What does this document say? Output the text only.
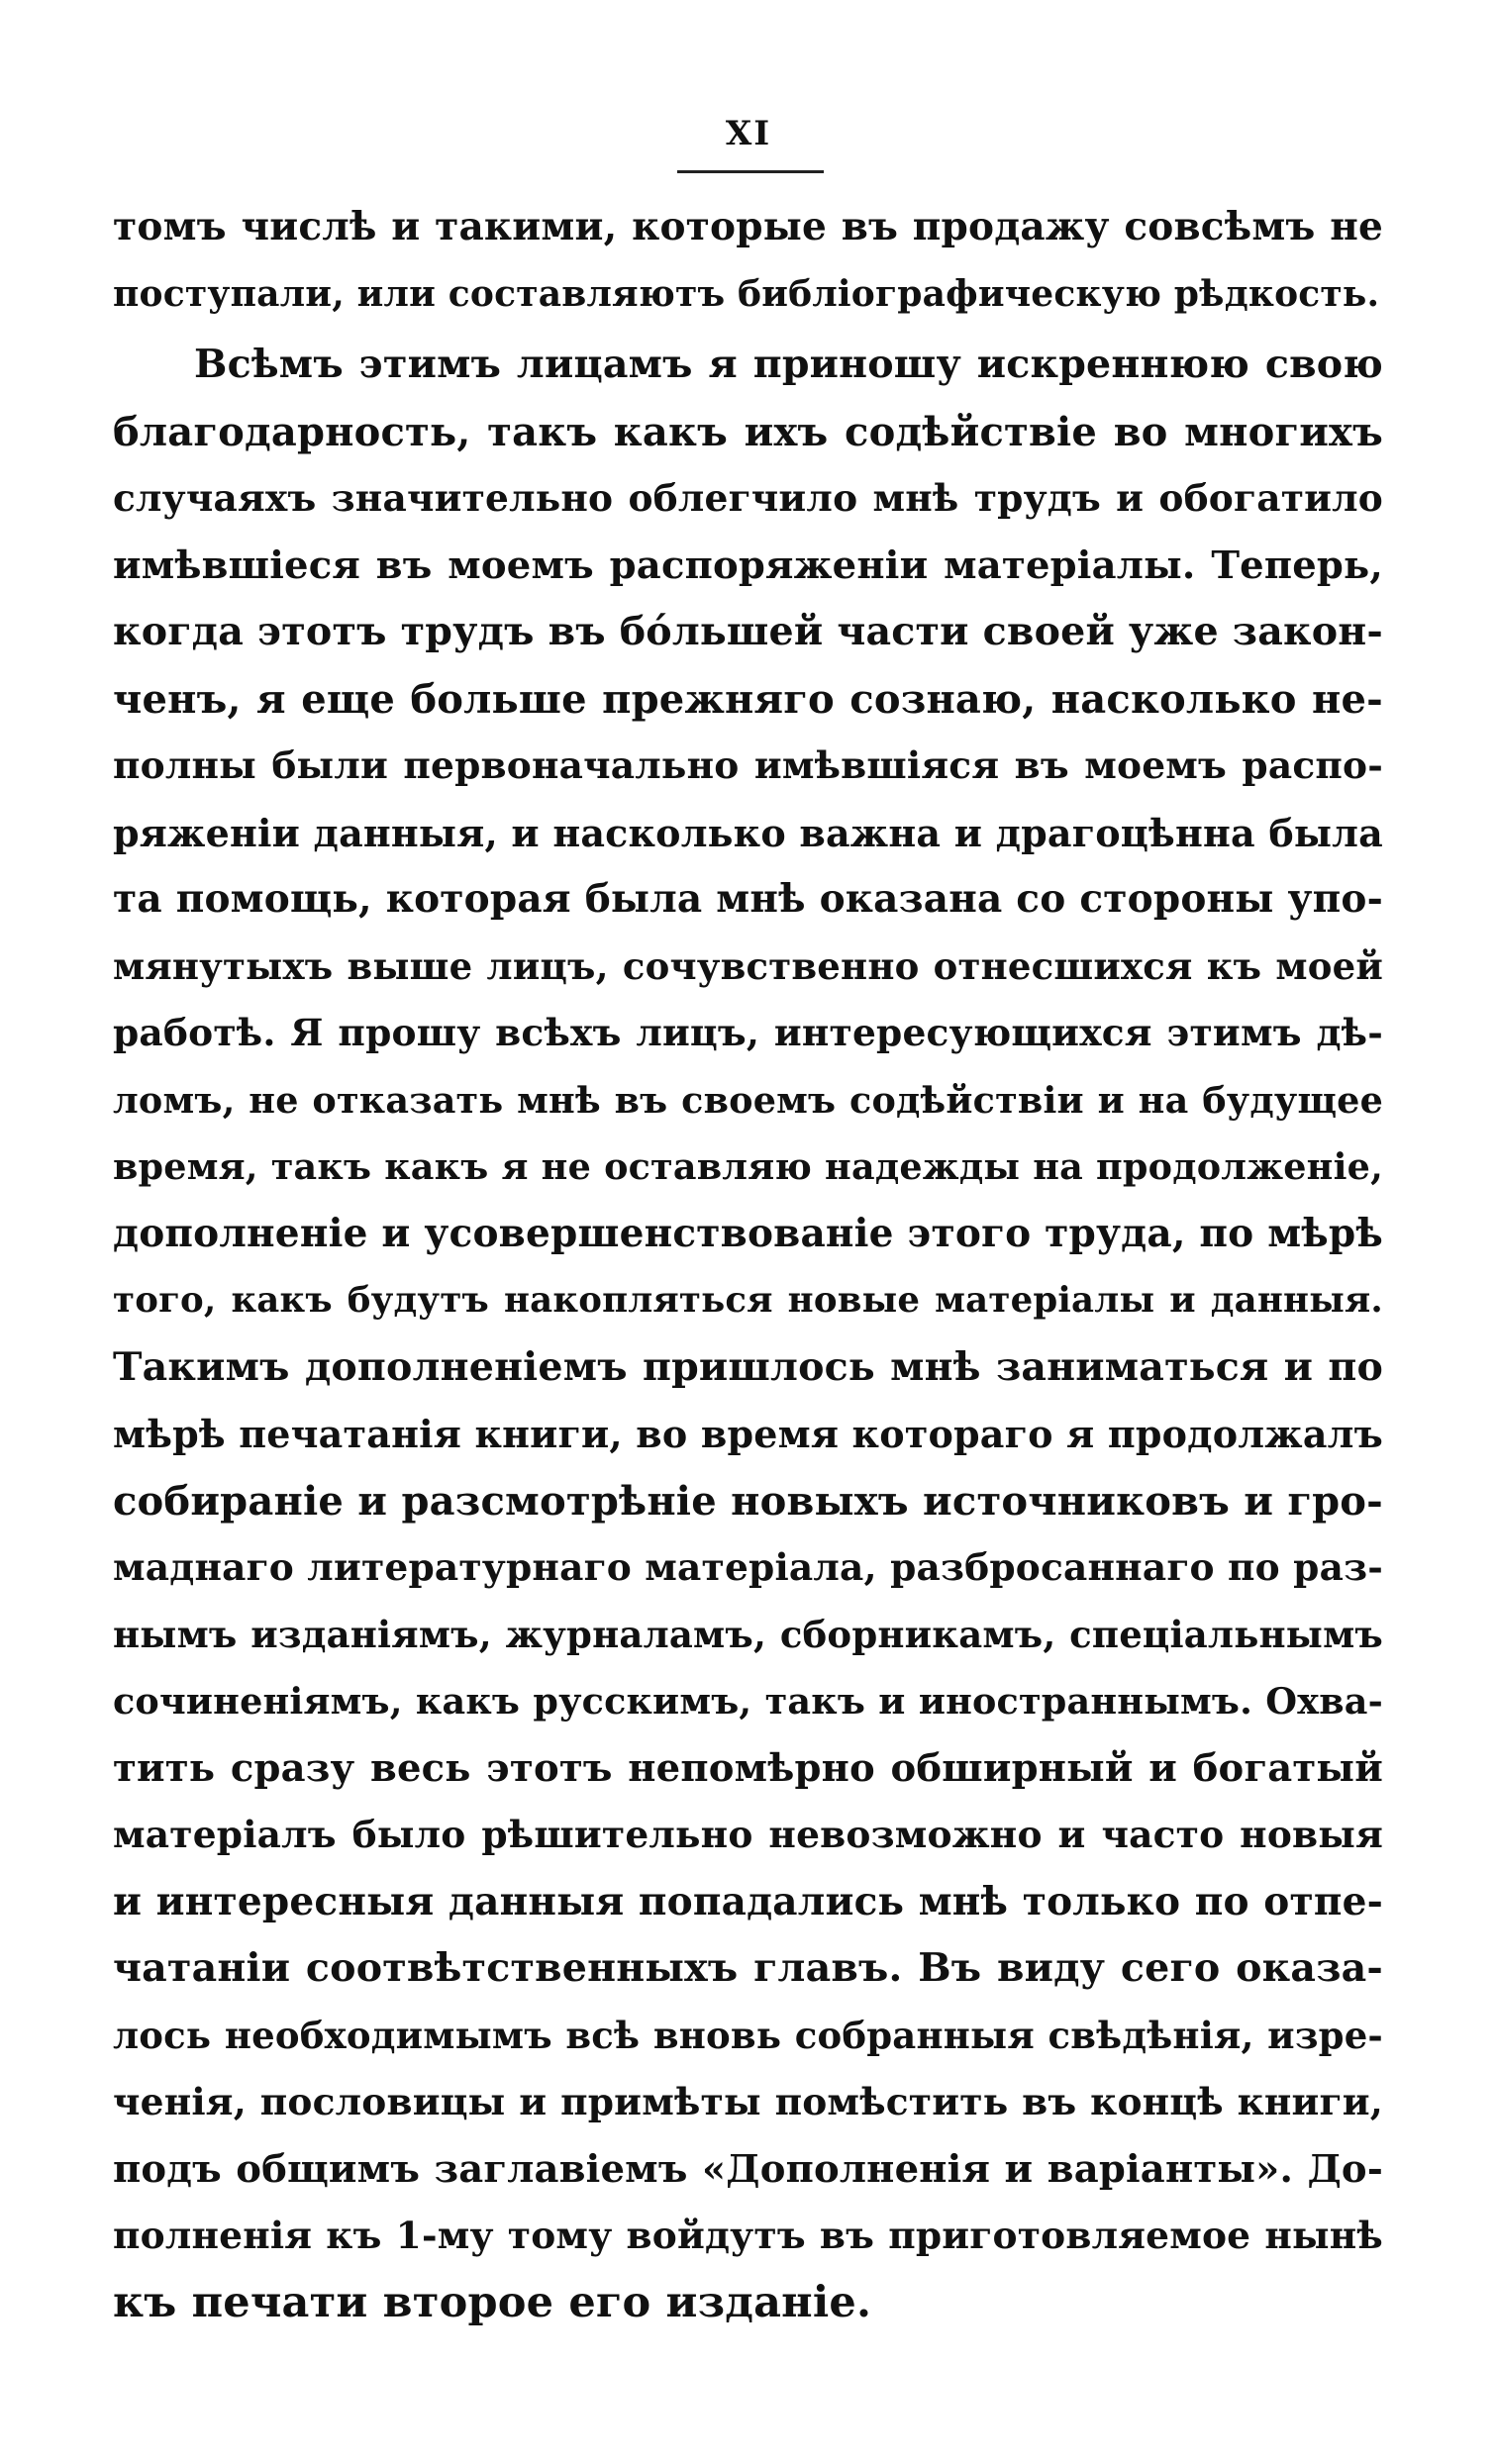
XI
томъ числѣ и такими, которые въ продажу совсѣмъ не
поступали, или составляютъ библіографическую рѣдкость.
Всѣмъ этимъ лицамъ я приношу искреннюю свою
благодарность, такъ какъ ихъ содѣйствіе во многихъ
случаяхъ значительно облегчило мнѣ трудъ и обогатило
имѣвшіеся въ моемъ распоряженіи матеріалы. Теперь,
когда этотъ трудъ въ бо́льшей части своей уже закон-
ченъ, я еще больше прежняго сознаю, насколько не-
полны были первоначально имѣвшіяся въ моемъ распо-
ряженіи данныя, и насколько важна и драгоцѣнна была
та помощь, которая была мнѣ оказана со стороны упо-
мянутыхъ выше лицъ, сочувственно отнесшихся къ моей
работѣ. Я прошу всѣхъ лицъ, интересующихся этимъ дѣ-
ломъ, не отказать мнѣ въ своемъ содѣйствіи и на будущее
время, такъ какъ я не оставляю надежды на продолженіе,
дополненіе и усовершенствованіе этого труда, по мѣрѣ
того, какъ будутъ накопляться новые матеріалы и данныя.
Такимъ дополненіемъ пришлось мнѣ заниматься и по
мѣрѣ печатанія книги, во время котораго я продолжалъ
собираніе и разсмотрѣніе новыхъ источниковъ и гро-
маднаго литературнаго матеріала, разбросаннаго по раз-
нымъ изданіямъ, журналамъ, сборникамъ, спеціальнымъ
сочиненіямъ, какъ русскимъ, такъ и иностраннымъ. Охва-
тить сразу весь этотъ непомѣрно обширный и богатый
матеріалъ было рѣшительно невозможно и часто новыя
и интересныя данныя попадались мнѣ только по отпе-
чатаніи соотвѣтственныхъ главъ. Въ виду сего оказа-
лось необходимымъ всѣ вновь собранныя свѣдѣнія, изре-
ченія, пословицы и примѣты помѣстить въ концѣ книги,
подъ общимъ заглавіемъ «Дополненія и варіанты». До-
полненія къ 1-му тому войдутъ въ приготовляемое нынѣ
къ печати второе его изданіе.
